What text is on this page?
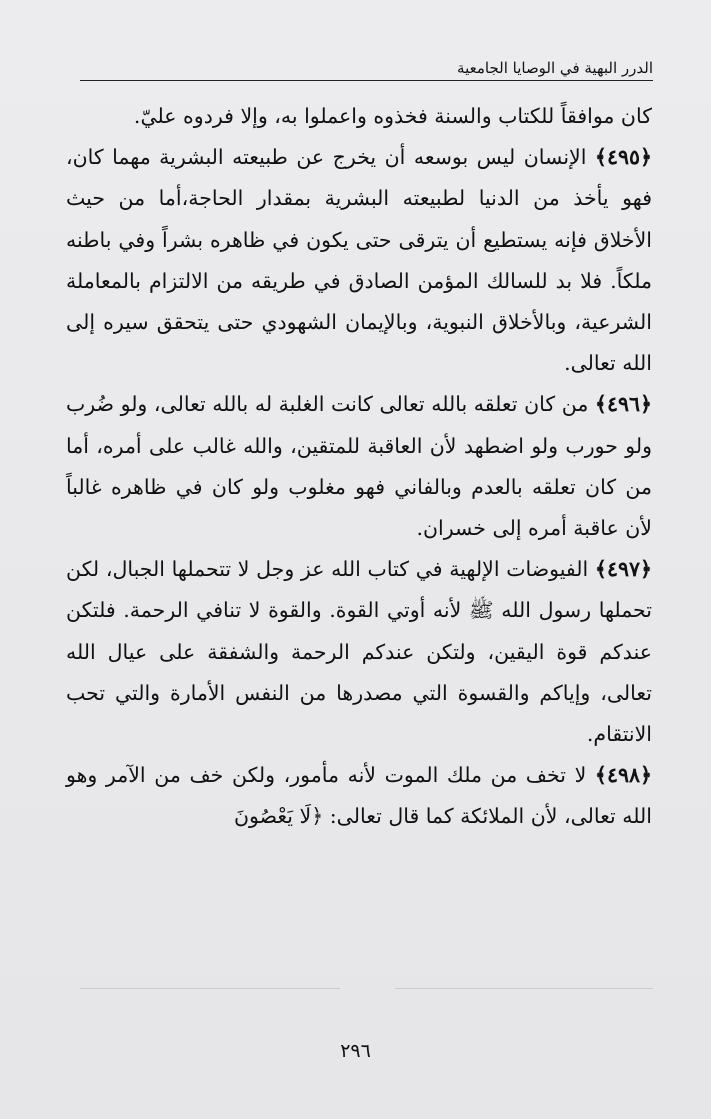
الدرر البهية في الوصايا الجامعية

كان موافقاً للكتاب والسنة فخذوه واعملوا به، وإلا فردوه عليّ.

﴿٤٩٥﴾ الإنسان ليس بوسعه أن يخرج عن طبيعته البشرية مهما كان، فهو يأخذ من الدنيا لطبيعته البشرية بمقدار الحاجة،أما من حيث الأخلاق فإنه يستطيع أن يترقى حتى يكون في ظاهره بشراً وفي باطنه ملكاً. فلا بد للسالك المؤمن الصادق في طريقه من الالتزام بالمعاملة الشرعية، وبالأخلاق النبوية، وبالإيمان الشهودي حتى يتحقق سيره إلى الله تعالى.

﴿٤٩٦﴾ من كان تعلقه بالله تعالى كانت الغلبة له بالله تعالى، ولو ضُرب ولو حورب ولو اضطهد لأن العاقبة للمتقين، والله غالب على أمره، أما من كان تعلقه بالعدم وبالفاني فهو مغلوب ولو كان في ظاهره غالباً لأن عاقبة أمره إلى خسران.

﴿٤٩٧﴾ الفيوضات الإلهية في كتاب الله عز وجل لا تتحملها الجبال، لكن تحملها رسول الله ﷺ لأنه أوتي القوة. والقوة لا تنافي الرحمة. فلتكن عندكم قوة اليقين، ولتكن عندكم الرحمة والشفقة على عيال الله تعالى، وإياكم والقسوة التي مصدرها من النفس الأمارة والتي تحب الانتقام.

﴿٤٩٨﴾ لا تخف من ملك الموت لأنه مأمور، ولكن خف من الآمر وهو الله تعالى، لأن الملائكة كما قال تعالى: ﴿لَا يَعْصُونَ

٢٩٦
